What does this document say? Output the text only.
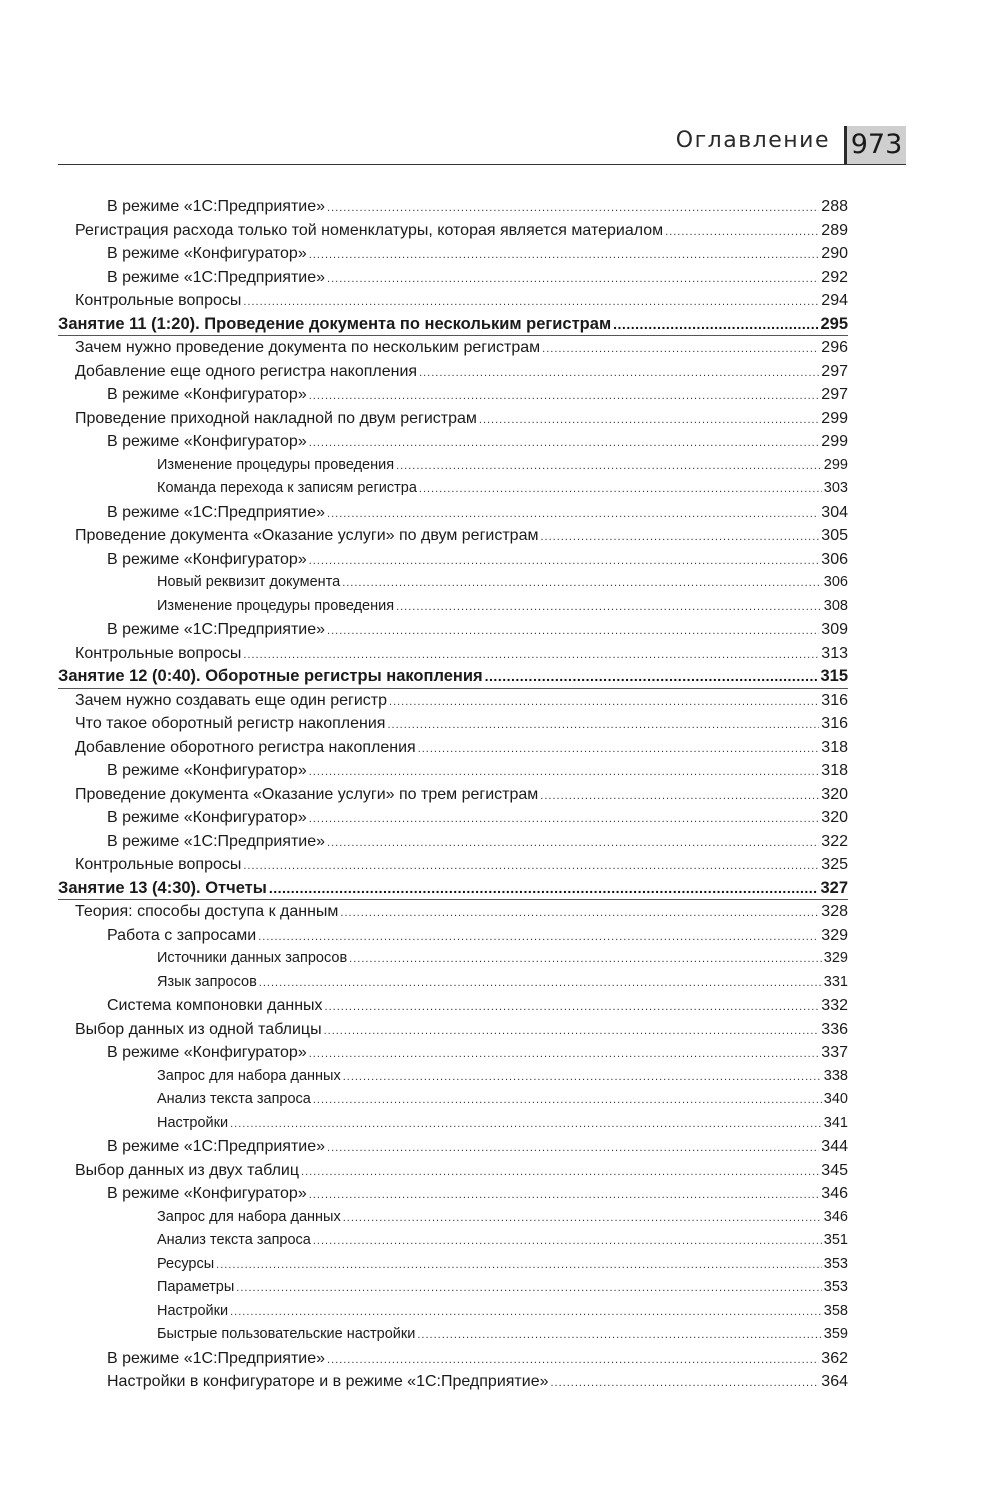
Оглавление 973
В режиме «1С:Предприятие» .....	288
Регистрация расхода только той номенклатуры, которая является материалом .....	289
В режиме «Конфигуратор» .....	290
В режиме «1С:Предприятие» .....	292
Контрольные вопросы .....	294
Занятие 11 (1:20). Проведение документа по нескольким регистрам .....	295
Зачем нужно проведение документа по нескольким регистрам .....	296
Добавление еще одного регистра накопления .....	297
В режиме «Конфигуратор» .....	297
Проведение приходной накладной по двум регистрам .....	299
В режиме «Конфигуратор» .....	299
Изменение процедуры проведения .....	299
Команда перехода к записям регистра .....	303
В режиме «1С:Предприятие» .....	304
Проведение документа «Оказание услуги» по двум регистрам .....	305
В режиме «Конфигуратор» .....	306
Новый реквизит документа .....	306
Изменение процедуры проведения .....	308
В режиме «1С:Предприятие» .....	309
Контрольные вопросы .....	313
Занятие 12 (0:40). Оборотные регистры накопления .....	315
Зачем нужно создавать еще один регистр .....	316
Что такое оборотный регистр накопления .....	316
Добавление оборотного регистра накопления .....	318
В режиме «Конфигуратор» .....	318
Проведение документа «Оказание услуги» по трем регистрам .....	320
В режиме «Конфигуратор» .....	320
В режиме «1С:Предприятие» .....	322
Контрольные вопросы .....	325
Занятие 13 (4:30). Отчеты .....	327
Теория: способы доступа к данным .....	328
Работа с запросами .....	329
Источники данных запросов .....	329
Язык запросов .....	331
Система компоновки данных .....	332
Выбор данных из одной таблицы .....	336
В режиме «Конфигуратор» .....	337
Запрос для набора данных .....	338
Анализ текста запроса .....	340
Настройки .....	341
В режиме «1С:Предприятие» .....	344
Выбор данных из двух таблиц .....	345
В режиме «Конфигуратор» .....	346
Запрос для набора данных .....	346
Анализ текста запроса .....	351
Ресурсы .....	353
Параметры .....	353
Настройки .....	358
Быстрые пользовательские настройки .....	359
В режиме «1С:Предприятие» .....	362
Настройки в конфигураторе и в режиме «1С:Предприятие» .....	364
